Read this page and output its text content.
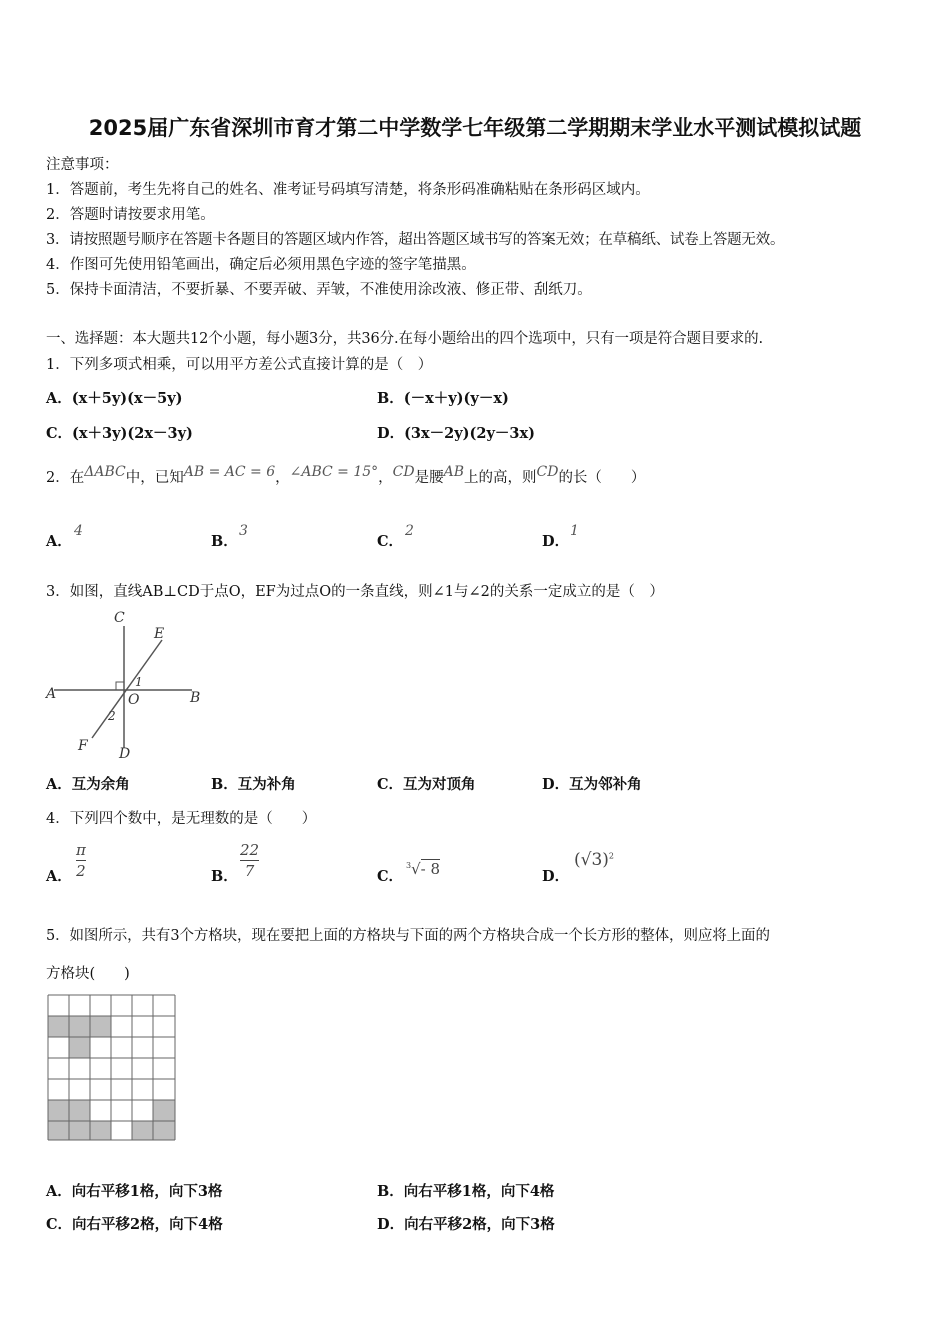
2025届广东省深圳市育才第二中学数学七年级第二学期期末学业水平测试模拟试题
注意事项：
1．答题前，考生先将自己的姓名、准考证号码填写清楚，将条形码准确粘贴在条形码区域内。
2．答题时请按要求用笔。
3．请按照题号顺序在答题卡各题目的答题区域内作答，超出答题区域书写的答案无效；在草稿纸、试卷上答题无效。
4．作图可先使用铅笔画出，确定后必须用黑色字迹的签字笔描黑。
5．保持卡面清洁，不要折暴、不要弄破、弄皱，不准使用涂改液、修正带、刮纸刀。
一、选择题：本大题共12个小题，每小题3分，共36分.在每小题给出的四个选项中，只有一项是符合题目要求的.
1．下列多项式相乘，可以用平方差公式直接计算的是（　）
A．(x＋5y)(x－5y)	B．(－x＋y)(y－x)
C．(x＋3y)(2x－3y)	D．(3x－2y)(2y－3x)
2．在ΔABC中，已知AB = AC = 6，∠ABC = 15°，CD是腰AB上的高，则CD的长（　　）
A．
4
B．
3
C．
2
D．
1
3．如图，直线AB⊥CD于点O，EF为过点O的一条直线，则∠1与∠2的关系一定成立的是（　）
C
E
A	O	B
F D
1
2
A．互为余角	B．互为补角	C．互为对顶角	D．互为邻补角
4．下列四个数中，是无理数的是（　　）
A． $\frac{\pi}{2}$	B． $\frac{22}{7}$	C．
$^3$√- 8	D．
$(√3)^2$
5．如图所示，共有3个方格块，现在要把上面的方格块与下面的两个方格块合成一个长方形的整体，则应将上面的
方格块(　　)
A．向右平移1格，向下3格	B．向右平移1格，向下4格
C．向右平移2格，向下4格	D．向右平移2格，向下3格
